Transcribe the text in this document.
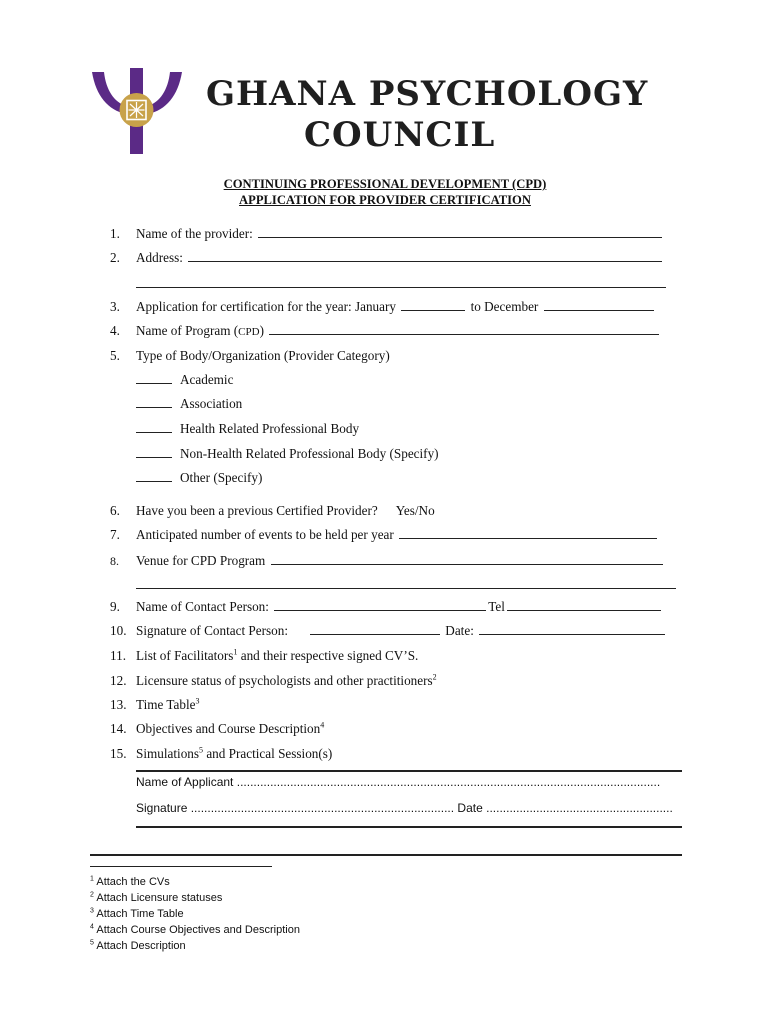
GHANA PSYCHOLOGY
COUNCIL
CONTINUING PROFESSIONAL DEVELOPMENT (CPD)
APPLICATION FOR PROVIDER CERTIFICATION
1. Name of the provider:
2. Address:
3. Application for certification for the year: January	to December
4. Name of Program (CPD)
5. Type of Body/Organization (Provider Category)
Academic
Association
Health Related Professional Body
Non-Health Related Professional Body (Specify)
Other (Specify)
6. Have you been a previous Certified Provider? Yes/No
7. Anticipated number of events to be held per year
8. Venue for CPD Program
9. Name of Contact Person:	Tel
10. Signature of Contact Person:	Date:
11. List of Facilitators$^1$ and their respective signed CV’S.
12. Licensure status of psychologists and other practitioners$^2$
13. Time Table$^3$
14. Objectives and Course Description$^4$
15. Simulations$^5$ and Practical Session(s)
Name of Applicant ...............................................................................................................................
Signature ............................................................................... Date ........................................................
$^1$ Attach the CVs
$^2$ Attach Licensure statuses
$^3$ Attach Time Table
$^4$ Attach Course Objectives and Description
$^5$ Attach Description
